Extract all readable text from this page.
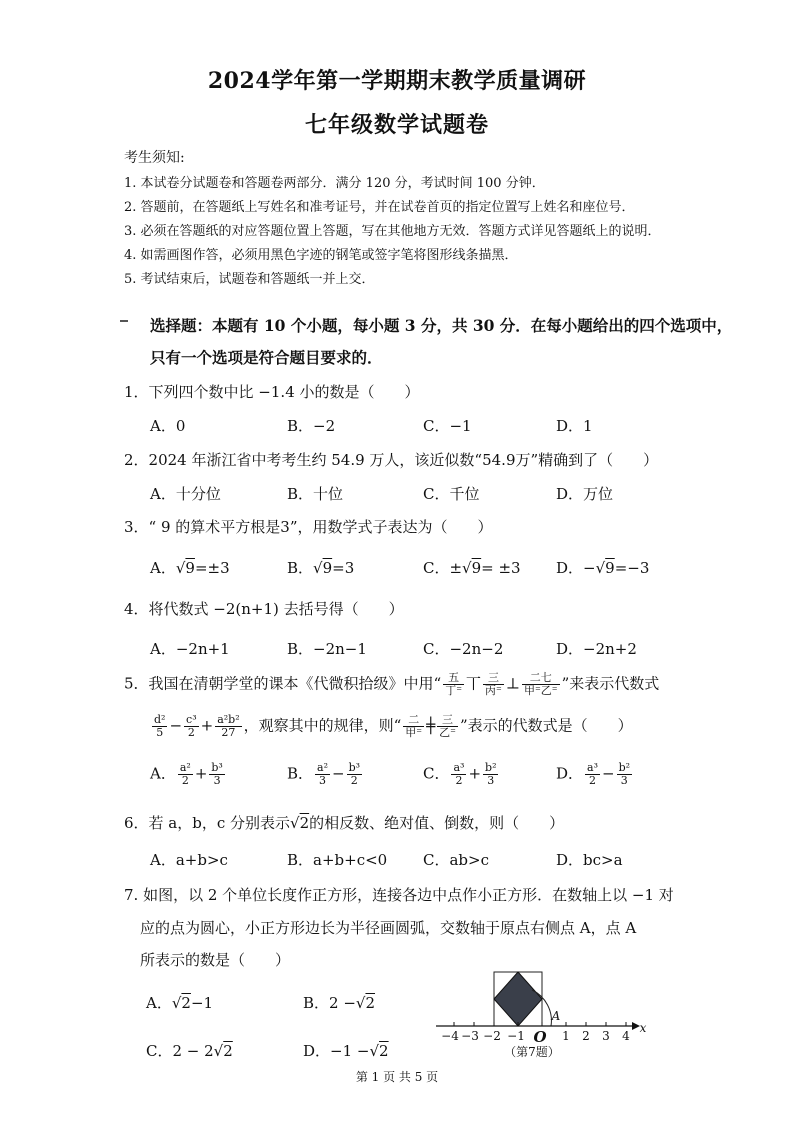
2024学年第一学期期末教学质量调研
七年级数学试题卷
考生须知:
1. 本试卷分试题卷和答题卷两部分．满分 120 分，考试时间 100 分钟．
2. 答题前，在答题纸上写姓名和准考证号，并在试卷首页的指定位置写上姓名和座位号．
3. 必须在答题纸的对应答题位置上答题，写在其他地方无效．答题方式详见答题纸上的说明．
4. 如需画图作答，必须用黑色字迹的钢笔或签字笔将图形线条描黑．
5. 考试结束后，试题卷和答题纸一并上交．
选择题：本题有 10 个小题，每小题 3 分，共 30 分．在每小题给出的四个选项中，
只有一个选项是符合题目要求的．
1．下列四个数中比 −1.4 小的数是（　　）
A．0	B．−2	C．−1	D．1
2．2024 年浙江省中考考生约 54.9 万人，该近似数“54.9万”精确到了（　　）
A．十分位	B．十位	C．千位	D．万位
3．“ 9 的算术平方根是3”，用数学式子表达为（　　）
A．√9=±3	B．√9=3	C．±√9= ±3 D．−√9=−3
4．将代数式 −2(n+1) 去括号得（　　）
A．−2n+1	B．−2n−1	C．−2n−2	D．−2n+2
5．我国在清朝学堂的课本《代微积拾级》中用“ $\frac{\text{五}}{\text{丁⁼}}$ 丅 $\frac{\text{三}}{\text{丙⁼}}$ ⊥ $\frac{\text{二七}}{\text{甲⁼乙⁼}}$ ”来表示代数式
$\frac{\text{d²}}{5} - \frac{\text{c³}}{2} + \frac{\text{a²b²}}{27}$ ，观察其中的规律，则“ $\frac{\text{二}}{\text{甲⁼}}$ ╪ $\frac{\text{三}}{\text{乙⁼}}$ ”表示的代数式是（　　）
A． $\frac{\text{a²}}{2} + \frac{\text{b³}}{3}$	B． $\frac{\text{a²}}{3} - \frac{\text{b³}}{2}$	C． $\frac{\text{a³}}{2} + \frac{\text{b²}}{3}$	D． $\frac{\text{a³}}{2} - \frac{\text{b²}}{3}$
6．若 a，b，c 分别表示√2的相反数、绝对值、倒数，则（　　）
A．a+b>c	B．a+b+c<0 C．ab>c	D．bc>a
7. 如图，以 2 个单位长度作正方形，连接各边中点作小正方形．在数轴上以 −1 对
应的点为圆心，小正方形边长为半径画圆弧，交数轴于原点右侧点 A，点 A
所表示的数是（　　）
A．√2−1	B．2 −√2
C．2 − 2√2	D．−1 −√2
−4 −3 −2 −1 O 1 2 3 4
x
A
（第7题）
第 1 页 共 5 页
